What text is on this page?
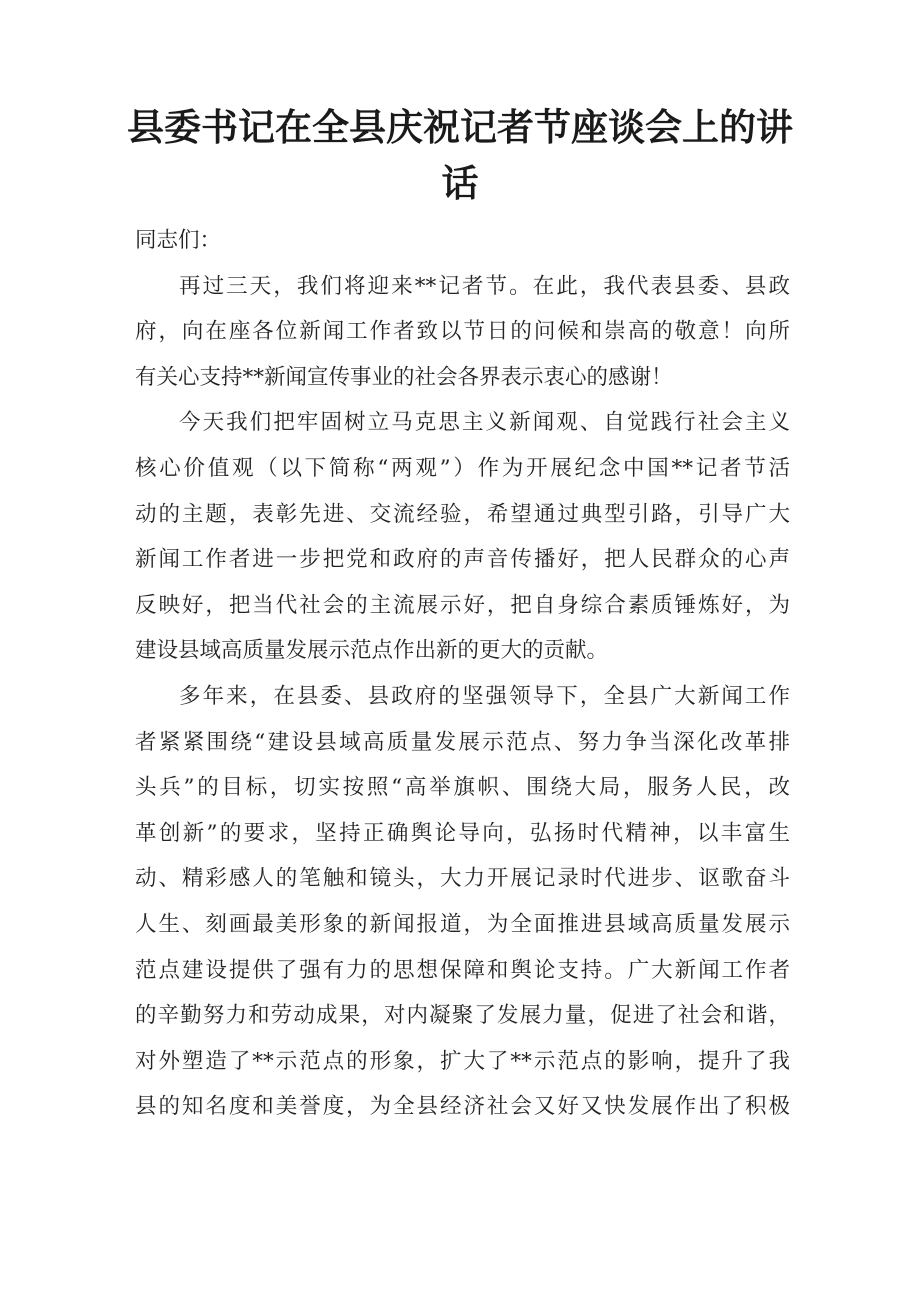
县委书记在全县庆祝记者节座谈会上的讲话
同志们：
再过三天，我们将迎来**记者节。在此，我代表县委、县政
府，向在座各位新闻工作者致以节日的问候和崇高的敬意！向所
有关心支持**新闻宣传事业的社会各界表示衷心的感谢！
今天我们把牢固树立马克思主义新闻观、自觉践行社会主义
核心价值观（以下简称“两观”）作为开展纪念中国**记者节活
动的主题，表彰先进、交流经验，希望通过典型引路，引导广大
新闻工作者进一步把党和政府的声音传播好，把人民群众的心声
反映好，把当代社会的主流展示好，把自身综合素质锤炼好，为
建设县域高质量发展示范点作出新的更大的贡献。
多年来，在县委、县政府的坚强领导下，全县广大新闻工作
者紧紧围绕“建设县域高质量发展示范点、努力争当深化改革排
头兵”的目标，切实按照“高举旗帜、围绕大局，服务人民，改
革创新”的要求，坚持正确舆论导向，弘扬时代精神，以丰富生
动、精彩感人的笔触和镜头，大力开展记录时代进步、讴歌奋斗
人生、刻画最美形象的新闻报道，为全面推进县域高质量发展示
范点建设提供了强有力的思想保障和舆论支持。广大新闻工作者
的辛勤努力和劳动成果，对内凝聚了发展力量，促进了社会和谐，
对外塑造了**示范点的形象，扩大了**示范点的影响，提升了我
县的知名度和美誉度，为全县经济社会又好又快发展作出了积极
